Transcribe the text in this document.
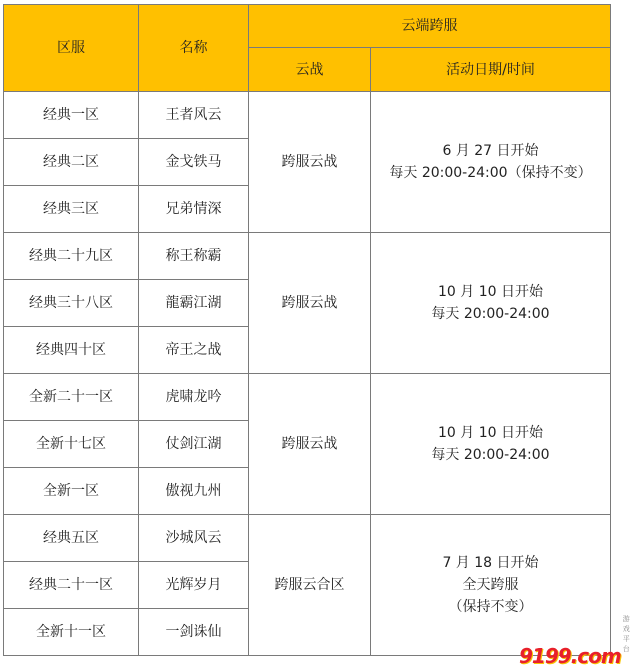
区服	名称	云端跨服	
		云战	活动日期/时间
经典一区	王者风云	跨服云战	6 月 27 日开始
每天 20:00-24:00（保持不变）

经典二区	金戈铁马		
经典三区	兄弟情深		
经典二十九区	称王称霸	跨服云战	10 月 10 日开始
每天 20:00-24:00

经典三十八区	龍霸江湖		
经典四十区	帝王之战		
全新二十一区	虎啸龙吟	跨服云战	10 月 10 日开始
每天 20:00-24:00

全新十七区	仗剑江湖		
全新一区	傲视九州		
经典五区	沙城风云	跨服云合区	7 月 18 日开始
全天跨服
（保持不变）

经典二十一区	光辉岁月		
全新十一区	一剑诛仙		
9199.com
游戏平台
